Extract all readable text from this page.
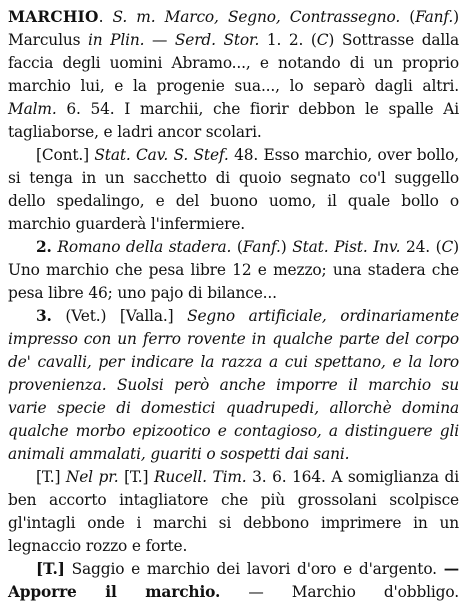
MARCHIO. S. m. Marco, Segno, Contrassegno. (Fanf.) Marculus in Plin. — Serd. Stor. 1. 2. (C) Sottrasse dalla faccia degli uomini Abramo..., e notando di un proprio marchio lui, e la progenie sua..., lo separò dagli altri. Malm. 6. 54. I marchii, che fiorir debbon le spalle Ai tagliaborse, e ladri ancor scolari.

[Cont.] Stat. Cav. S. Stef. 48. Esso marchio, over bollo, si tenga in un sacchetto di quoio segnato co'l suggello dello spedalingo, e del buono uomo, il quale bollo o marchio guarderà l'infermiere.

2. Romano della stadera. (Fanf.) Stat. Pist. Inv. 24. (C) Uno marchio che pesa libre 12 e mezzo; una stadera che pesa libre 46; uno pajo di bilance...

3. (Vet.) [Valla.] Segno artificiale, ordinariamente impresso con un ferro rovente in qualche parte del corpo de' cavalli, per indicare la razza a cui spettano, e la loro provenienza. Suolsi però anche imporre il marchio su varie specie di domestici quadrupedi, allorchè domina qualche morbo epizootico e contagioso, a distinguere gli animali ammalati, guariti o sospetti dai sani.

[T.] Nel pr. [T.] Rucell. Tim. 3. 6. 164. A somiglianza di ben accorto intagliatore che più grossolani scolpisce gl'intagli onde i marchi si debbono imprimere in un legnaccio rozzo e forte.

[T.] Saggio e marchio dei lavori d'oro e d'argento. — Apporre il marchio. — Marchio d'obbligo.
